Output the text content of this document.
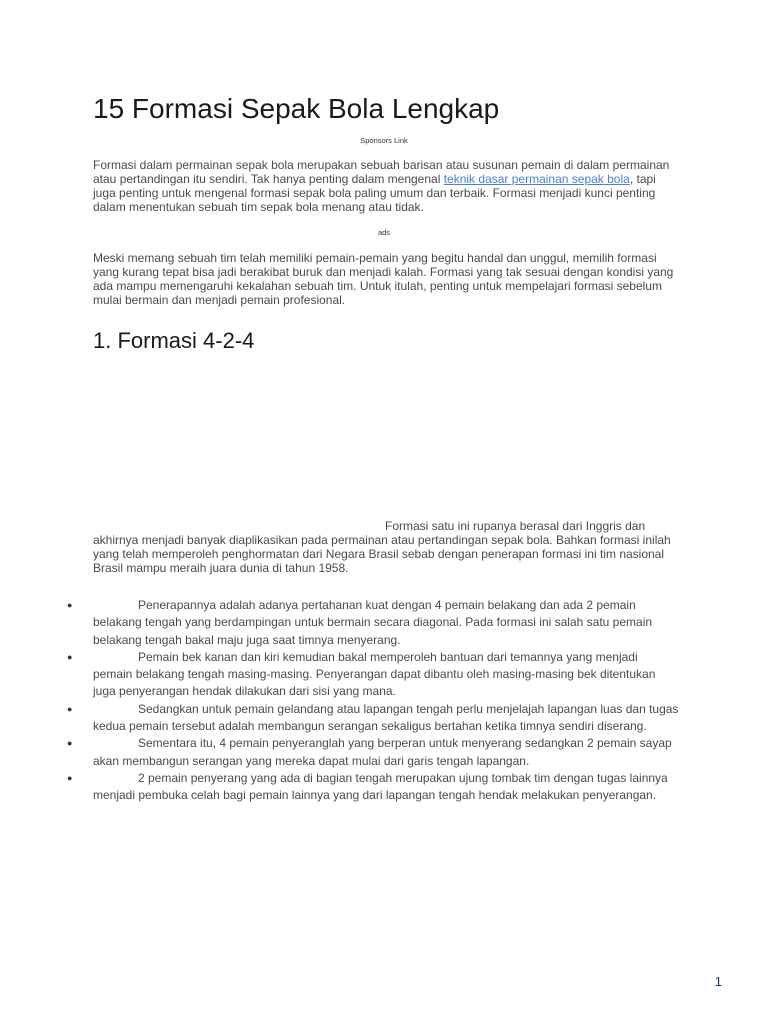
15 Formasi Sepak Bola Lengkap
Sponsors Link

Formasi dalam permainan sepak bola merupakan sebuah barisan atau susunan pemain di dalam permainan atau pertandingan itu sendiri. Tak hanya penting dalam mengenal teknik dasar permainan sepak bola, tapi juga penting untuk mengenal formasi sepak bola paling umum dan terbaik. Formasi menjadi kunci penting dalam menentukan sebuah tim sepak bola menang atau tidak.

ads

Meski memang sebuah tim telah memiliki pemain-pemain yang begitu handal dan unggul, memilih formasi yang kurang tepat bisa jadi berakibat buruk dan menjadi kalah. Formasi yang tak sesuai dengan kondisi yang ada mampu memengaruhi kekalahan sebuah tim. Untuk itulah, penting untuk mempelajari formasi sebelum mulai bermain dan menjadi pemain profesional.

1. Formasi 4-2-4

Formasi satu ini rupanya berasal dari Inggris dan akhirnya menjadi banyak diaplikasikan pada permainan atau pertandingan sepak bola. Bahkan formasi inilah yang telah memperoleh penghormatan dari Negara Brasil sebab dengan penerapan formasi ini tim nasional Brasil mampu meraih juara dunia di tahun 1958.

●	Penerapannya adalah adanya pertahanan kuat dengan 4 pemain belakang dan ada 2 pemain belakang tengah yang berdampingan untuk bermain secara diagonal. Pada formasi ini salah satu pemain belakang tengah bakal maju juga saat timnya menyerang.
●	Pemain bek kanan dan kiri kemudian bakal memperoleh bantuan dari temannya yang menjadi pemain belakang tengah masing-masing. Penyerangan dapat dibantu oleh masing-masing bek ditentukan juga penyerangan hendak dilakukan dari sisi yang mana.
●	Sedangkan untuk pemain gelandang atau lapangan tengah perlu menjelajah lapangan luas dan tugas kedua pemain tersebut adalah membangun serangan sekaligus bertahan ketika timnya sendiri diserang.
●	Sementara itu, 4 pemain penyeranglah yang berperan untuk menyerang sedangkan 2 pemain sayap akan membangun serangan yang mereka dapat mulai dari garis tengah lapangan.
●	2 pemain penyerang yang ada di bagian tengah merupakan ujung tombak tim dengan tugas lainnya menjadi pembuka celah bagi pemain lainnya yang dari lapangan tengah hendak melakukan penyerangan.
1
